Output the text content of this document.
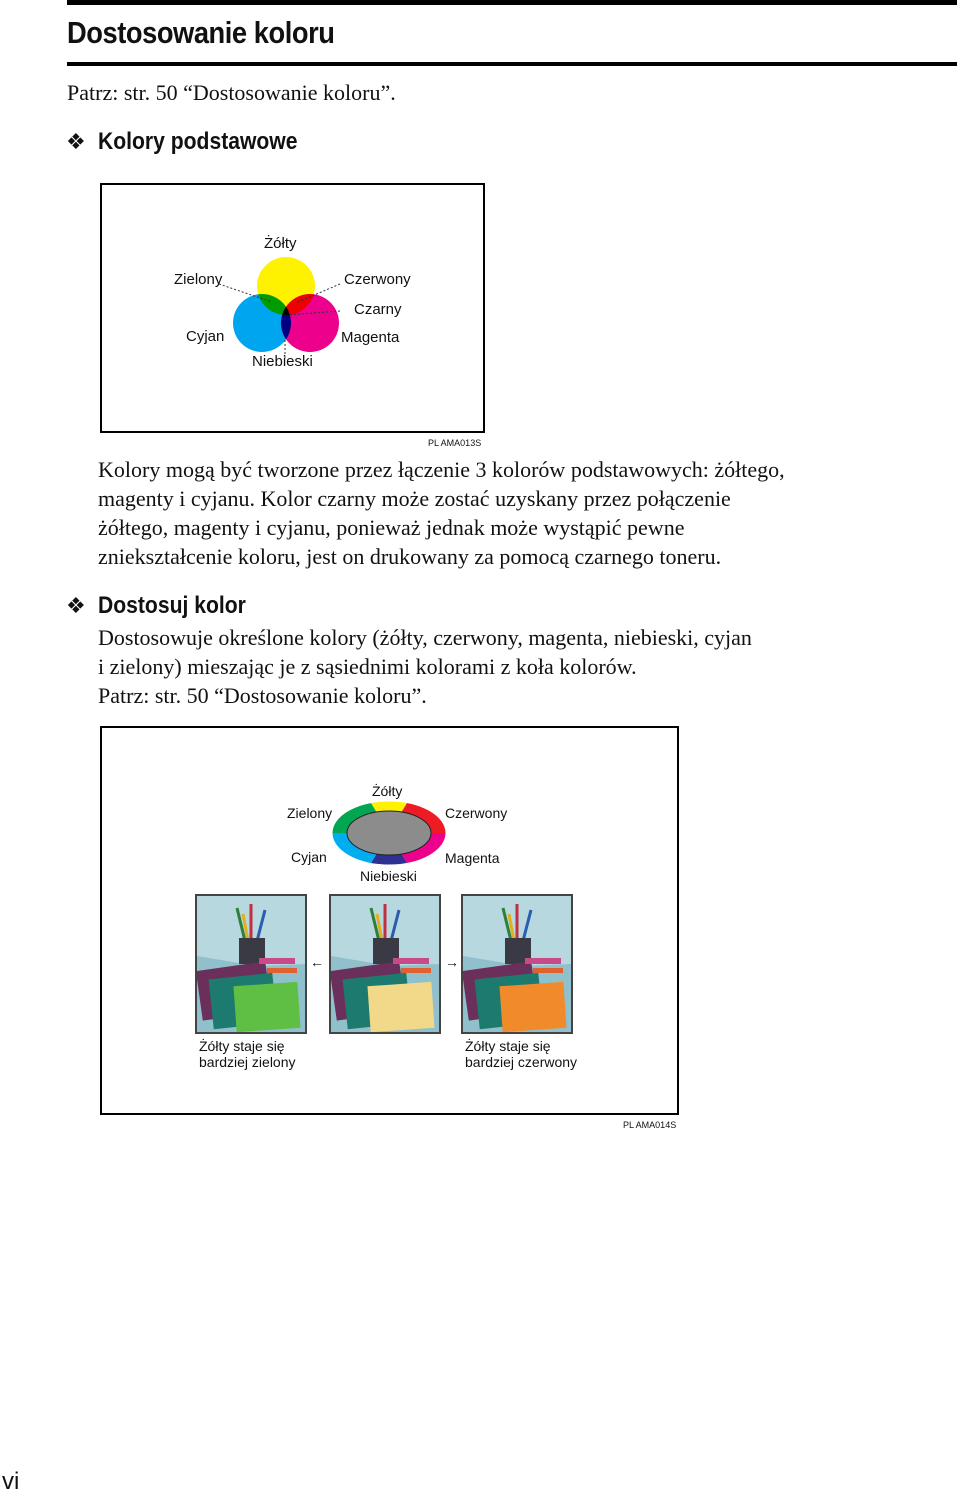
Dostosowanie koloru
Patrz: str. 50 “Dostosowanie koloru”.
❖ Kolory podstawowe
Żółty
Zielony	Czerwony
Czarny
Cyjan	Magenta
Niebieski
PL AMA013S
Kolory mogą być tworzone przez łączenie 3 kolorów podstawowych: żółtego,
magenty i cyjanu. Kolor czarny może zostać uzyskany przez połączenie
żółtego, magenty i cyjanu, ponieważ jednak może wystąpić pewne
zniekształcenie koloru, jest on drukowany za pomocą czarnego toneru.
❖ Dostosuj kolor
Dostosowuje określone kolory (żółty, czerwony, magenta, niebieski, cyjan
i zielony) mieszając je z sąsiednimi kolorami z koła kolorów.
Patrz: str. 50 “Dostosowanie koloru”.
Żółty
Zielony	Czerwony
Cyjan	Magenta
Niebieski
←	→
Żółty staje się
bardziej zielony
Żółty staje się
bardziej czerwony
PL AMA014S
vi
